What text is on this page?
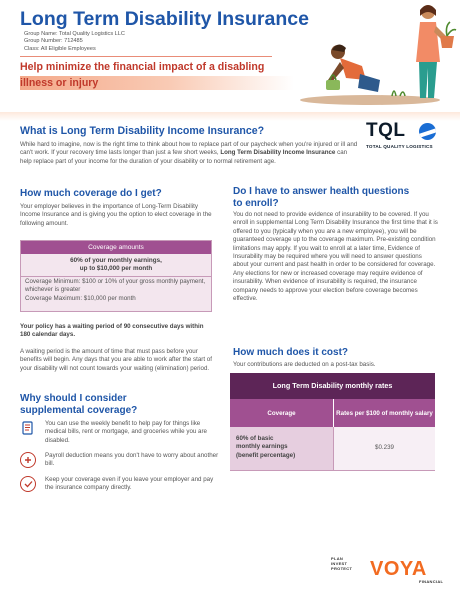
Long Term Disability Insurance
Group Name: Total Quality Logistics LLC
Group Number: 712485
Class: All Eligible Employees
Help minimize the financial impact of a disabling
illness or injury
What is Long Term Disability Income Insurance?
While hard to imagine, now is the right time to think about how to replace part of our paycheck when you're injured or ill and can't work. If your recovery time lasts longer than just a few short weeks, Long Term Disability Income Insurance can help replace part of your income for the duration of your disability or to normal retirement age.
TQL
TOTAL QUALITY LOGISTICS
How much coverage do I get?
Your employer believes in the importance of Long-Term Disability Income Insurance and is giving you the option to elect coverage in the following amount.
Coverage amounts
60% of your monthly earnings,
up to $10,000 per month
Coverage Minimum: $100 or 10% of your gross monthly payment, whichever is greater
Coverage Maximum: $10,000 per month
Your policy has a waiting period of 90 consecutive days within 180 calendar days.
A waiting period is the amount of time that must pass before your benefits will begin. Any days that you are able to work after the start of your disability will not count towards your waiting (elimination) period.
Why should I consider
supplemental coverage?
You can use the weekly benefit to help pay for things like medical bills, rent or mortgage, and groceries while you are disabled.
Payroll deduction means you don't have to worry about another bill.
Keep your coverage even if you leave your employer and pay the insurance company directly.
Do I have to answer health questions
to enroll?
You do not need to provide evidence of insurability to be covered. If you enroll in supplemental Long Term Disability Insurance the first time that it is offered to you (typically when you are a new employee), you will be guaranteed coverage up to the coverage maximum. Pre-existing condition limitations may apply. If you wait to enroll at a later time, Evidence of Insurability may be required where you will need to answer questions about your current and past health in order to be considered for coverage. Any elections for new or increased coverage may require evidence of insurability. When evidence of insurability is required, the insurance company needs to approve your election before coverage becomes effective.
How much does it cost?
Your contributions are deducted on a post-tax basis.
Long Term Disability monthly rates
Coverage	Rates per $100 of monthly salary
60% of basic
monthly earnings
(benefit percentage)
$0.239
PLAN
INVEST
PROTECT VOYA
FINANCIAL
